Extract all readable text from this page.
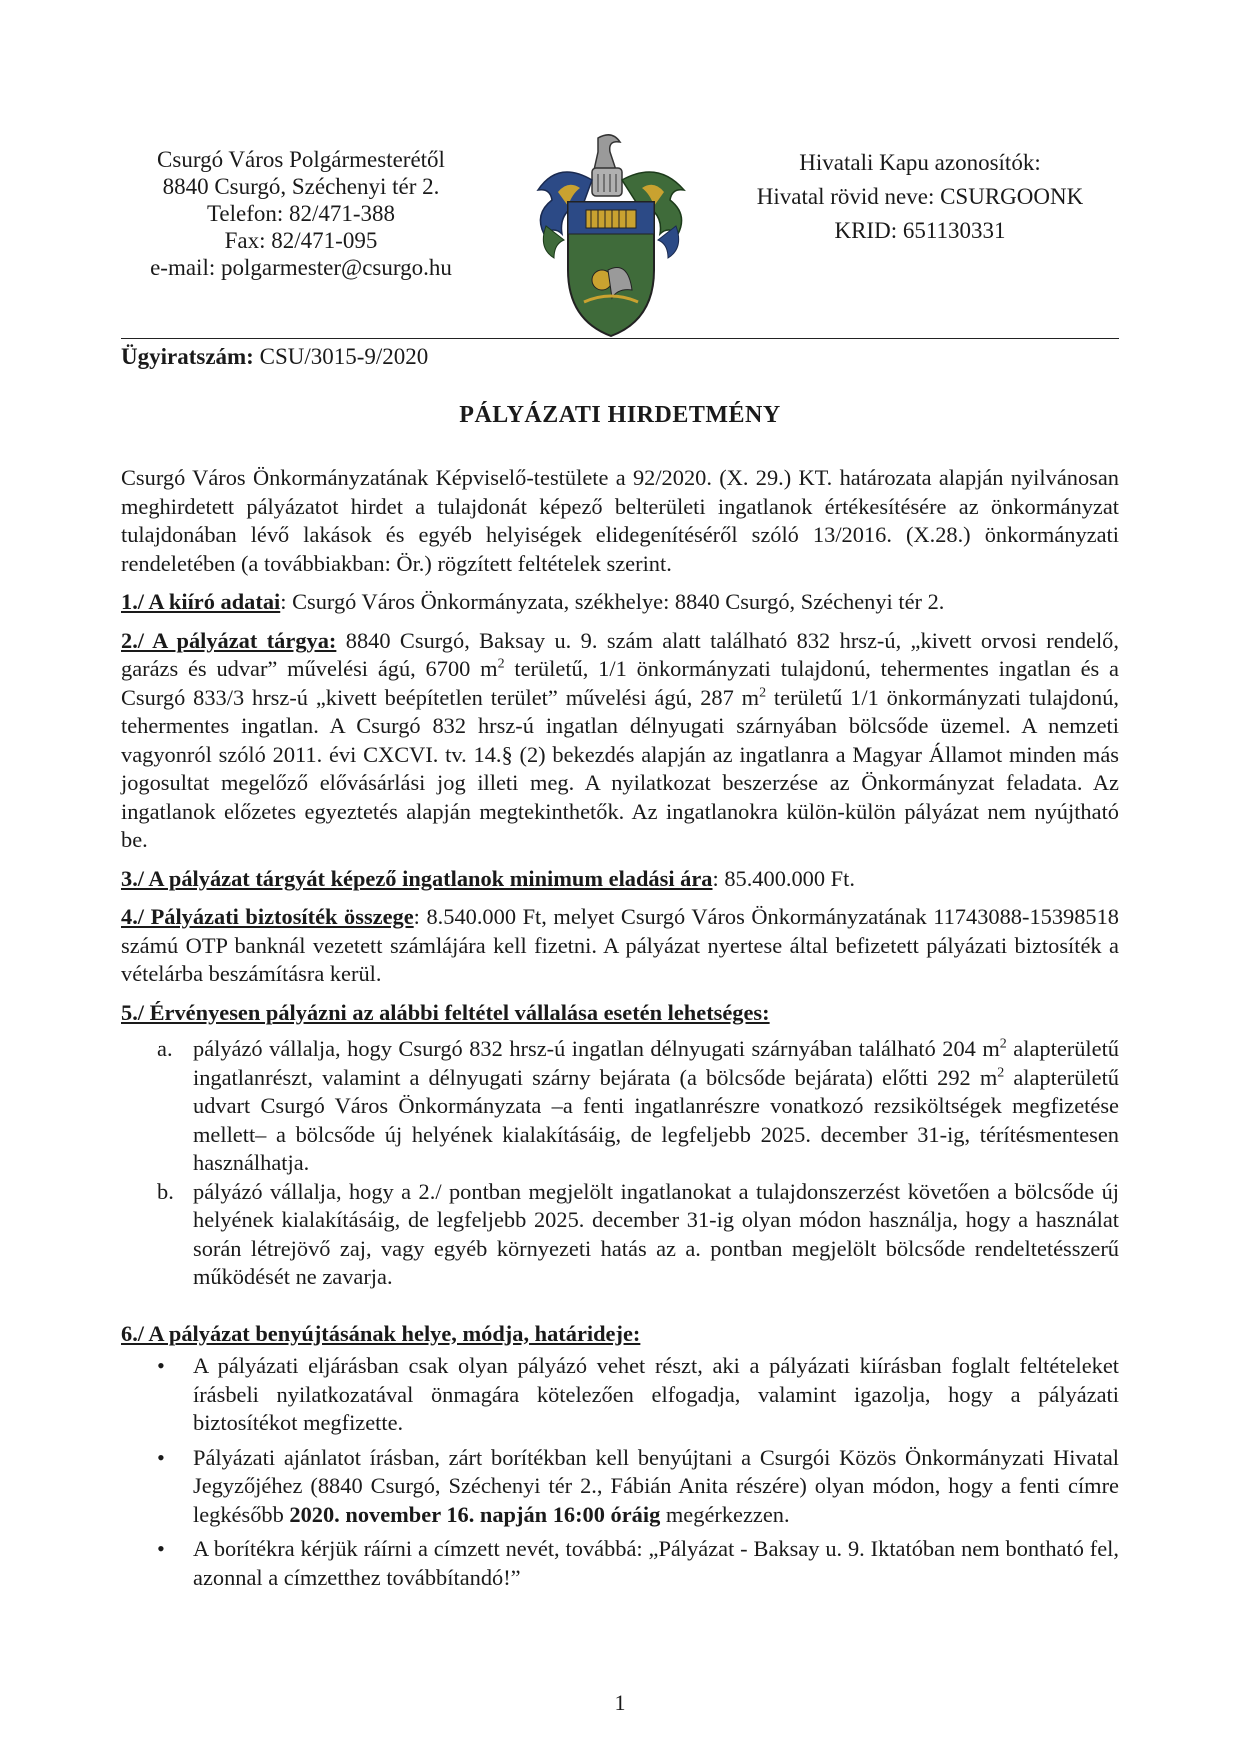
Csurgó Város Polgármesterétől
8840 Csurgó, Széchenyi tér 2.
Telefon: 82/471-388
Fax: 82/471-095
e-mail: polgarmester@csurgo.hu
Hivatali Kapu azonosítók:
Hivatal rövid neve: CSURGOONK
KRID: 651130331
Ügyiratszám: CSU/3015-9/2020
PÁLYÁZATI HIRDETMÉNY

Csurgó Város Önkormányzatának Képviselő-testülete a 92/2020. (X. 29.) KT. határozata alapján nyilvánosan meghirdetett pályázatot hirdet a tulajdonát képező belterületi ingatlanok értékesítésére az önkormányzat tulajdonában lévő lakások és egyéb helyiségek elidegenítéséről szóló 13/2016. (X.28.) önkormányzati rendeletében (a továbbiakban: Ör.) rögzített feltételek szerint.

1./ A kiíró adatai: Csurgó Város Önkormányzata, székhelye: 8840 Csurgó, Széchenyi tér 2.

2./ A pályázat tárgya: 8840 Csurgó, Baksay u. 9. szám alatt található 832 hrsz-ú, „kivett orvosi rendelő, garázs és udvar” művelési ágú, 6700 $m^2$ területű, 1/1 önkormányzati tulajdonú, tehermentes ingatlan és a Csurgó 833/3 hrsz-ú „kivett beépítetlen terület” művelési ágú, 287 $m^2$ területű 1/1 önkormányzati tulajdonú, tehermentes ingatlan. A Csurgó 832 hrsz-ú ingatlan délnyugati szárnyában bölcsőde üzemel. A nemzeti vagyonról szóló 2011. évi CXCVI. tv. 14.§ (2) bekezdés alapján az ingatlanra a Magyar Államot minden más jogosultat megelőző elővásárlási jog illeti meg. A nyilatkozat beszerzése az Önkormányzat feladata. Az ingatlanok előzetes egyeztetés alapján megtekinthetők. Az ingatlanokra külön-külön pályázat nem nyújtható be.

3./ A pályázat tárgyát képező ingatlanok minimum eladási ára: 85.400.000 Ft.

4./ Pályázati biztosíték összege: 8.540.000 Ft, melyet Csurgó Város Önkormányzatának 11743088-15398518 számú OTP banknál vezetett számlájára kell fizetni. A pályázat nyertese által befizetett pályázati biztosíték a vételárba beszámításra kerül.

5./ Érvényesen pályázni az alábbi feltétel vállalása esetén lehetséges:

a. pályázó vállalja, hogy Csurgó 832 hrsz-ú ingatlan délnyugati szárnyában található 204 $m^2$ alapterületű ingatlanrészt, valamint a délnyugati szárny bejárata (a bölcsőde bejárata) előtti 292 $m^2$ alapterületű udvart Csurgó Város Önkormányzata –a fenti ingatlanrészre vonatkozó rezsiköltségek megfizetése mellett– a bölcsőde új helyének kialakításáig, de legfeljebb 2025. december 31-ig, térítésmentesen használhatja.
b. pályázó vállalja, hogy a 2./ pontban megjelölt ingatlanokat a tulajdonszerzést követően a bölcsőde új helyének kialakításáig, de legfeljebb 2025. december 31-ig olyan módon használja, hogy a használat során létrejövő zaj, vagy egyéb környezeti hatás az a. pontban megjelölt bölcsőde rendeltetésszerű működését ne zavarja.

6./ A pályázat benyújtásának helye, módja, határideje:

• A pályázati eljárásban csak olyan pályázó vehet részt, aki a pályázati kiírásban foglalt feltételeket írásbeli nyilatkozatával önmagára kötelezően elfogadja, valamint igazolja, hogy a pályázati biztosítékot megfizette.
• Pályázati ajánlatot írásban, zárt borítékban kell benyújtani a Csurgói Közös Önkormányzati Hivatal Jegyzőjéhez (8840 Csurgó, Széchenyi tér 2., Fábián Anita részére) olyan módon, hogy a fenti címre legkésőbb 2020. november 16. napján 16:00 óráig megérkezzen.
• A borítékra kérjük ráírni a címzett nevét, továbbá: „Pályázat - Baksay u. 9. Iktatóban nem bontható fel, azonnal a címzetthez továbbítandó!”
1
